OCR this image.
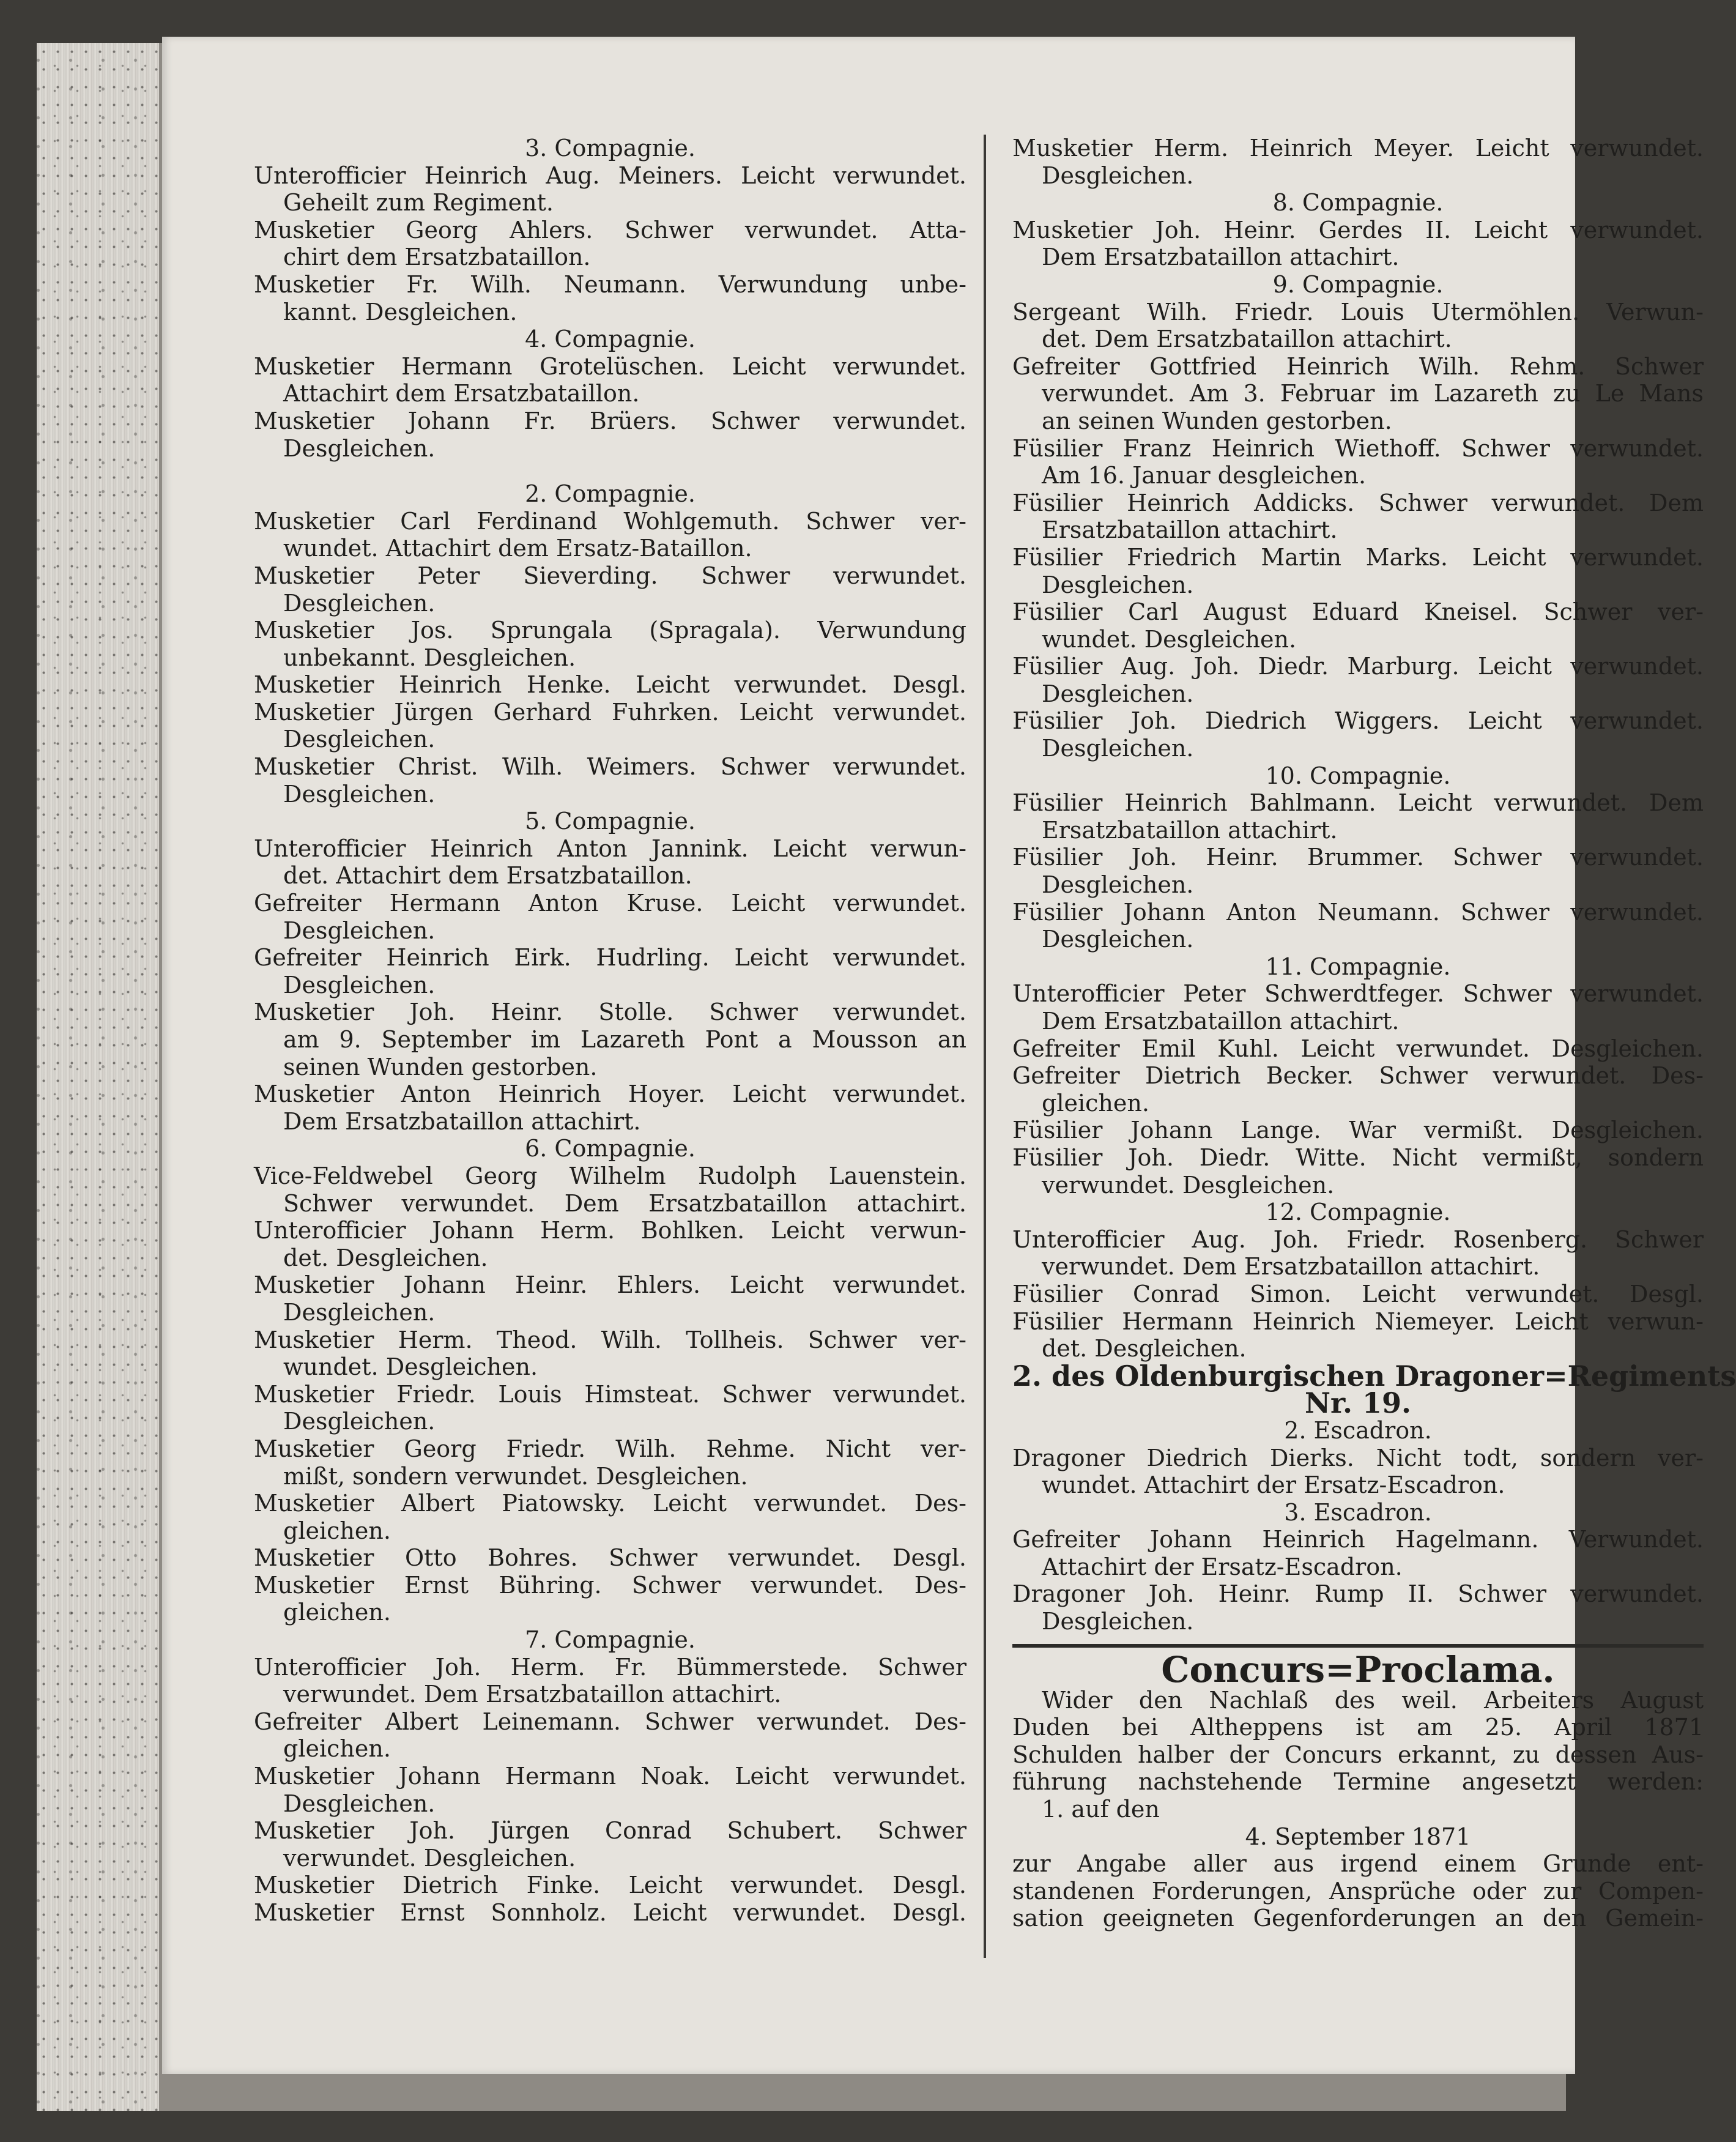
3. Compagnie.
Unterofficier Heinrich Aug. Meiners. Leicht verwundet.
Geheilt zum Regiment.
Musketier Georg Ahlers. Schwer verwundet. Atta-
chirt dem Ersatzbataillon.
Musketier Fr. Wilh. Neumann. Verwundung unbe-
kannt. Desgleichen.
4. Compagnie.
Musketier Hermann Grotelüschen. Leicht verwundet.
Attachirt dem Ersatzbataillon.
Musketier Johann Fr. Brüers. Schwer verwundet.
Desgleichen.
2. Compagnie.
Musketier Carl Ferdinand Wohlgemuth. Schwer ver-
wundet. Attachirt dem Ersatz-Bataillon.
Musketier Peter Sieverding. Schwer verwundet.
Desgleichen.
Musketier Jos. Sprungala (Spragala). Verwundung
unbekannt. Desgleichen.
Musketier Heinrich Henke. Leicht verwundet. Desgl.
Musketier Jürgen Gerhard Fuhrken. Leicht verwundet.
Desgleichen.
Musketier Christ. Wilh. Weimers. Schwer verwundet.
Desgleichen.
5. Compagnie.
Unterofficier Heinrich Anton Jannink. Leicht verwun-
det. Attachirt dem Ersatzbataillon.
Gefreiter Hermann Anton Kruse. Leicht verwundet.
Desgleichen.
Gefreiter Heinrich Eirk. Hudrling. Leicht verwundet.
Desgleichen.
Musketier Joh. Heinr. Stolle. Schwer verwundet.
am 9. September im Lazareth Pont a Mousson an
seinen Wunden gestorben.
Musketier Anton Heinrich Hoyer. Leicht verwundet.
Dem Ersatzbataillon attachirt.
6. Compagnie.
Vice-Feldwebel Georg Wilhelm Rudolph Lauenstein.
Schwer verwundet. Dem Ersatzbataillon attachirt.
Unterofficier Johann Herm. Bohlken. Leicht verwun-
det. Desgleichen.
Musketier Johann Heinr. Ehlers. Leicht verwundet.
Desgleichen.
Musketier Herm. Theod. Wilh. Tollheis. Schwer ver-
wundet. Desgleichen.
Musketier Friedr. Louis Himsteat. Schwer verwundet.
Desgleichen.
Musketier Georg Friedr. Wilh. Rehme. Nicht ver-
mißt, sondern verwundet. Desgleichen.
Musketier Albert Piatowsky. Leicht verwundet. Des-
gleichen.
Musketier Otto Bohres. Schwer verwundet. Desgl.
Musketier Ernst Bühring. Schwer verwundet. Des-
gleichen.
7. Compagnie.
Unterofficier Joh. Herm. Fr. Bümmerstede. Schwer
verwundet. Dem Ersatzbataillon attachirt.
Gefreiter Albert Leinemann. Schwer verwundet. Des-
gleichen.
Musketier Johann Hermann Noak. Leicht verwundet.
Desgleichen.
Musketier Joh. Jürgen Conrad Schubert. Schwer
verwundet. Desgleichen.
Musketier Dietrich Finke. Leicht verwundet. Desgl.
Musketier Ernst Sonnholz. Leicht verwundet. Desgl.
Musketier Herm. Heinrich Meyer. Leicht verwundet.
Desgleichen.
8. Compagnie.
Musketier Joh. Heinr. Gerdes II. Leicht verwundet.
Dem Ersatzbataillon attachirt.
9. Compagnie.
Sergeant Wilh. Friedr. Louis Utermöhlen. Verwun-
det. Dem Ersatzbataillon attachirt.
Gefreiter Gottfried Heinrich Wilh. Rehm. Schwer
verwundet. Am 3. Februar im Lazareth zu Le Mans
an seinen Wunden gestorben.
Füsilier Franz Heinrich Wiethoff. Schwer verwundet.
Am 16. Januar desgleichen.
Füsilier Heinrich Addicks. Schwer verwundet. Dem
Ersatzbataillon attachirt.
Füsilier Friedrich Martin Marks. Leicht verwundet.
Desgleichen.
Füsilier Carl August Eduard Kneisel. Schwer ver-
wundet. Desgleichen.
Füsilier Aug. Joh. Diedr. Marburg. Leicht verwundet.
Desgleichen.
Füsilier Joh. Diedrich Wiggers. Leicht verwundet.
Desgleichen.
10. Compagnie.
Füsilier Heinrich Bahlmann. Leicht verwundet. Dem
Ersatzbataillon attachirt.
Füsilier Joh. Heinr. Brummer. Schwer verwundet.
Desgleichen.
Füsilier Johann Anton Neumann. Schwer verwundet.
Desgleichen.
11. Compagnie.
Unterofficier Peter Schwerdtfeger. Schwer verwundet.
Dem Ersatzbataillon attachirt.
Gefreiter Emil Kuhl. Leicht verwundet. Desgleichen.
Gefreiter Dietrich Becker. Schwer verwundet. Des-
gleichen.
Füsilier Johann Lange. War vermißt. Desgleichen.
Füsilier Joh. Diedr. Witte. Nicht vermißt, sondern
verwundet. Desgleichen.
12. Compagnie.
Unterofficier Aug. Joh. Friedr. Rosenberg. Schwer
verwundet. Dem Ersatzbataillon attachirt.
Füsilier Conrad Simon. Leicht verwundet. Desgl.
Füsilier Hermann Heinrich Niemeyer. Leicht verwun-
det. Desgleichen.
2. des Oldenburgischen Dragoner=Regiments
Nr. 19.
2. Escadron.
Dragoner Diedrich Dierks. Nicht todt, sondern ver-
wundet. Attachirt der Ersatz-Escadron.
3. Escadron.
Gefreiter Johann Heinrich Hagelmann. Verwundet.
Attachirt der Ersatz-Escadron.
Dragoner Joh. Heinr. Rump II. Schwer verwundet.
Desgleichen.
Concurs=Proclama.
Wider den Nachlaß des weil. Arbeiters August
Duden bei Altheppens ist am 25. April 1871
Schulden halber der Concurs erkannt, zu dessen Aus-
führung nachstehende Termine angesetzt werden:
1. auf den
4. September 1871
zur Angabe aller aus irgend einem Grunde ent-
standenen Forderungen, Ansprüche oder zur Compen-
sation geeigneten Gegenforderungen an den Gemein-
